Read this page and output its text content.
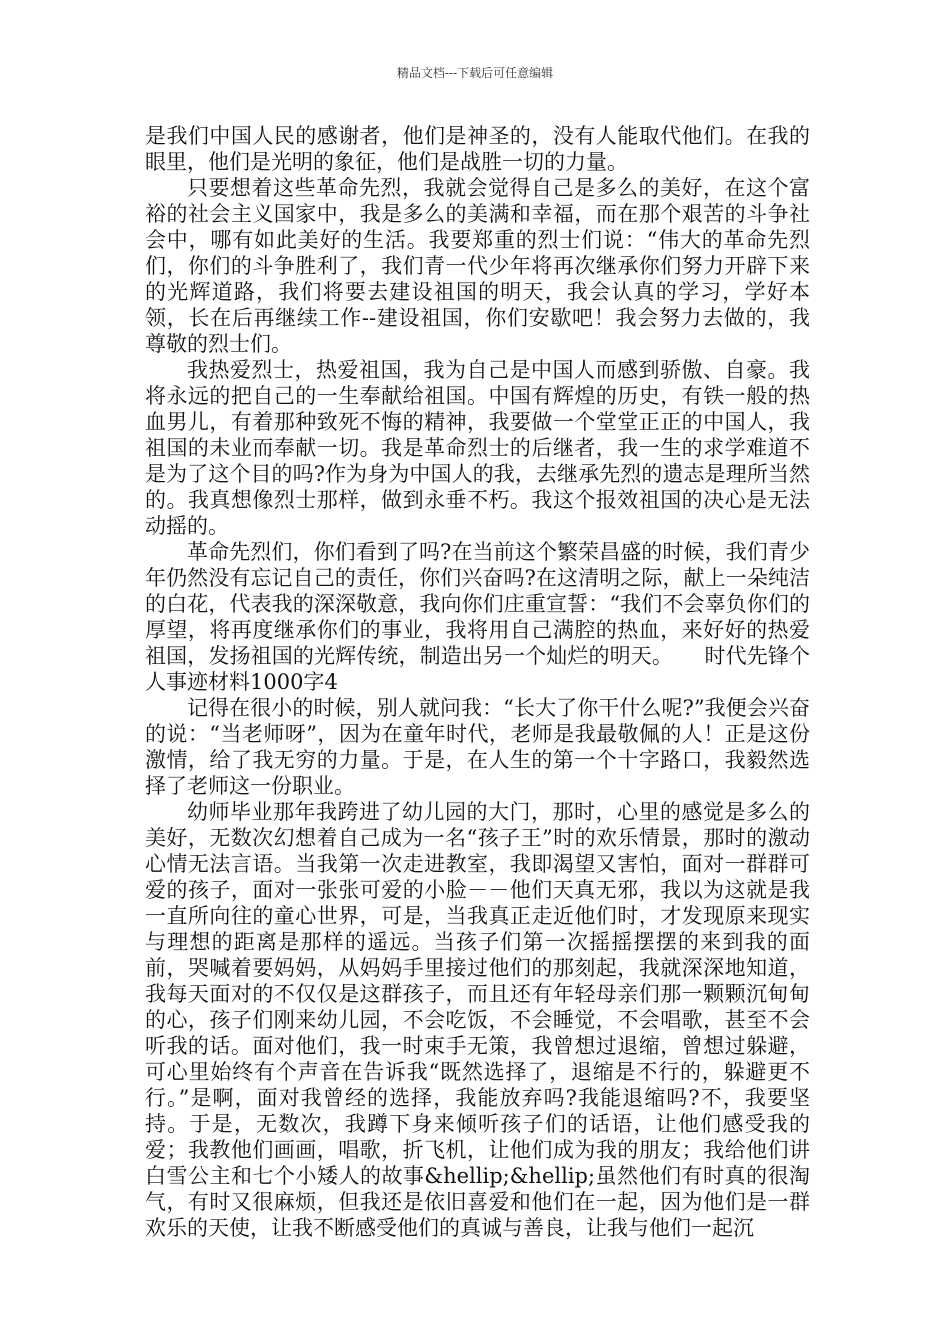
精品文档---下载后可任意编辑

是我们中国人民的感谢者，他们是神圣的，没有人能取代他们。在我的眼里，他们是光明的象征，他们是战胜一切的力量。

只要想着这些革命先烈，我就会觉得自己是多么的美好，在这个富裕的社会主义国家中，我是多么的美满和幸福，而在那个艰苦的斗争社会中，哪有如此美好的生活。我要郑重的烈士们说：“伟大的革命先烈们，你们的斗争胜利了，我们青一代少年将再次继承你们努力开辟下来的光辉道路，我们将要去建设祖国的明天，我会认真的学习，学好本领，长在后再继续工作--建设祖国，你们安歇吧！我会努力去做的，我尊敬的烈士们。

我热爱烈士，热爱祖国，我为自己是中国人而感到骄傲、自豪。我将永远的把自己的一生奉献给祖国。中国有辉煌的历史，有铁一般的热血男儿，有着那种致死不悔的精神，我要做一个堂堂正正的中国人，我祖国的未业而奉献一切。我是革命烈士的后继者，我一生的求学难道不是为了这个目的吗?作为身为中国人的我，去继承先烈的遗志是理所当然的。我真想像烈士那样，做到永垂不朽。我这个报效祖国的决心是无法动摇的。

革命先烈们，你们看到了吗?在当前这个繁荣昌盛的时候，我们青少年仍然没有忘记自己的责任，你们兴奋吗?在这清明之际，献上一朵纯洁的白花，代表我的深深敬意，我向你们庄重宣誓：“我们不会辜负你们的厚望，将再度继承你们的事业，我将用自己满腔的热血，来好好的热爱祖国，发扬祖国的光辉传统，制造出另一个灿烂的明天。 时代先锋个人事迹材料1000字4

记得在很小的时候，别人就问我：“长大了你干什么呢?”我便会兴奋的说：“当老师呀”，因为在童年时代，老师是我最敬佩的人！正是这份激情，给了我无穷的力量。于是，在人生的第一个十字路口，我毅然选择了老师这一份职业。

幼师毕业那年我跨进了幼儿园的大门，那时，心里的感觉是多么的美好，无数次幻想着自己成为一名“孩子王”时的欢乐情景，那时的激动心情无法言语。当我第一次走进教室，我即渴望又害怕，面对一群群可爱的孩子，面对一张张可爱的小脸－－他们天真无邪，我以为这就是我一直所向往的童心世界，可是，当我真正走近他们时，才发现原来现实与理想的距离是那样的遥远。当孩子们第一次摇摇摆摆的来到我的面前，哭喊着要妈妈，从妈妈手里接过他们的那刻起，我就深深地知道，我每天面对的不仅仅是这群孩子，而且还有年轻母亲们那一颗颗沉甸甸的心，孩子们刚来幼儿园，不会吃饭，不会睡觉，不会唱歌，甚至不会听我的话。面对他们，我一时束手无策，我曾想过退缩，曾想过躲避，可心里始终有个声音在告诉我“既然选择了，退缩是不行的，躲避更不行。”是啊，面对我曾经的选择，我能放弃吗?我能退缩吗?不，我要坚持。于是，无数次，我蹲下身来倾听孩子们的话语，让他们感受我的爱；我教他们画画，唱歌，折飞机，让他们成为我的朋友；我给他们讲白雪公主和七个小矮人的故事&hellip;&hellip;虽然他们有时真的很淘气，有时又很麻烦，但我还是依旧喜爱和他们在一起，因为他们是一群欢乐的天使，让我不断感受他们的真诚与善良，让我与他们一起沉
